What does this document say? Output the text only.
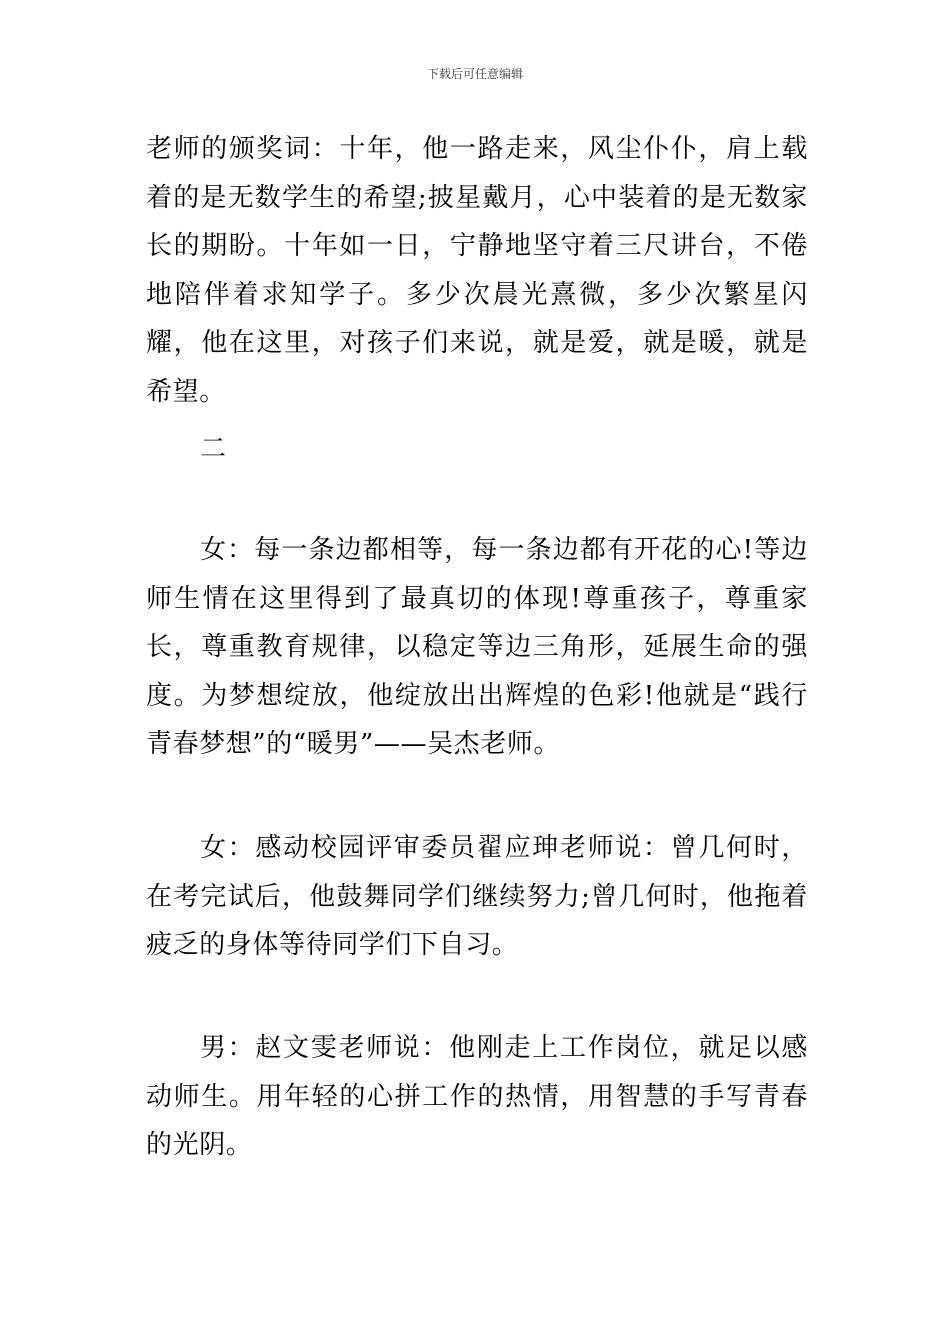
下载后可任意编辑

老师的颁奖词：十年，他一路走来，风尘仆仆，肩上载着的是无数学生的希望;披星戴月，心中装着的是无数家长的期盼。十年如一日，宁静地坚守着三尺讲台，不倦地陪伴着求知学子。多少次晨光熹微，多少次繁星闪耀，他在这里，对孩子们来说，就是爱，就是暖，就是希望。

二

女：每一条边都相等，每一条边都有开花的心!等边师生情在这里得到了最真切的体现!尊重孩子，尊重家长，尊重教育规律，以稳定等边三角形，延展生命的强度。为梦想绽放，他绽放出出辉煌的色彩!他就是“践行青春梦想”的“暖男”——吴杰老师。

女：感动校园评审委员翟应珅老师说：曾几何时，在考完试后，他鼓舞同学们继续努力;曾几何时，他拖着疲乏的身体等待同学们下自习。

男：赵文雯老师说：他刚走上工作岗位，就足以感动师生。用年轻的心拼工作的热情，用智慧的手写青春的光阴。
